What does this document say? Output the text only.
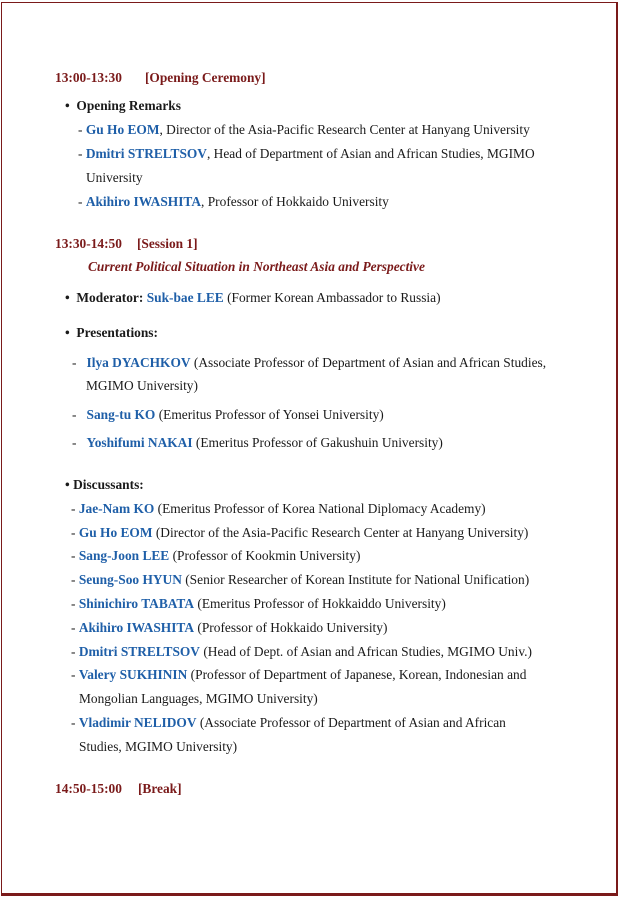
13:00-13:30 [Opening Ceremony]
• Opening Remarks
- Gu Ho EOM, Director of the Asia-Pacific Research Center at Hanyang University
- Dmitri STRELTSOV, Head of Department of Asian and African Studies, MGIMO
University
- Akihiro IWASHITA, Professor of Hokkaido University
13:30-14:50 [Session 1]
Current Political Situation in Northeast Asia and Perspective
• Moderator: Suk-bae LEE (Former Korean Ambassador to Russia)
• Presentations:
-   Ilya DYACHKOV (Associate Professor of Department of Asian and African Studies,
MGIMO University)
-   Sang-tu KO (Emeritus Professor of Yonsei University)
-   Yoshifumi NAKAI (Emeritus Professor of Gakushuin University)
• Discussants:
- Jae-Nam KO (Emeritus Professor of Korea National Diplomacy Academy)
- Gu Ho EOM (Director of the Asia-Pacific Research Center at Hanyang University)
- Sang-Joon LEE (Professor of Kookmin University)
- Seung-Soo HYUN (Senior Researcher of Korean Institute for National Unification)
- Shinichiro TABATA (Emeritus Professor of Hokkaiddo University)
- Akihiro IWASHITA (Professor of Hokkaido University)
- Dmitri STRELTSOV (Head of Dept. of Asian and African Studies, MGIMO Univ.)
- Valery SUKHININ (Professor of Department of Japanese, Korean, Indonesian and
Mongolian Languages, MGIMO University)
- Vladimir NELIDOV (Associate Professor of Department of Asian and African
Studies, MGIMO University)
14:50-15:00 [Break]
